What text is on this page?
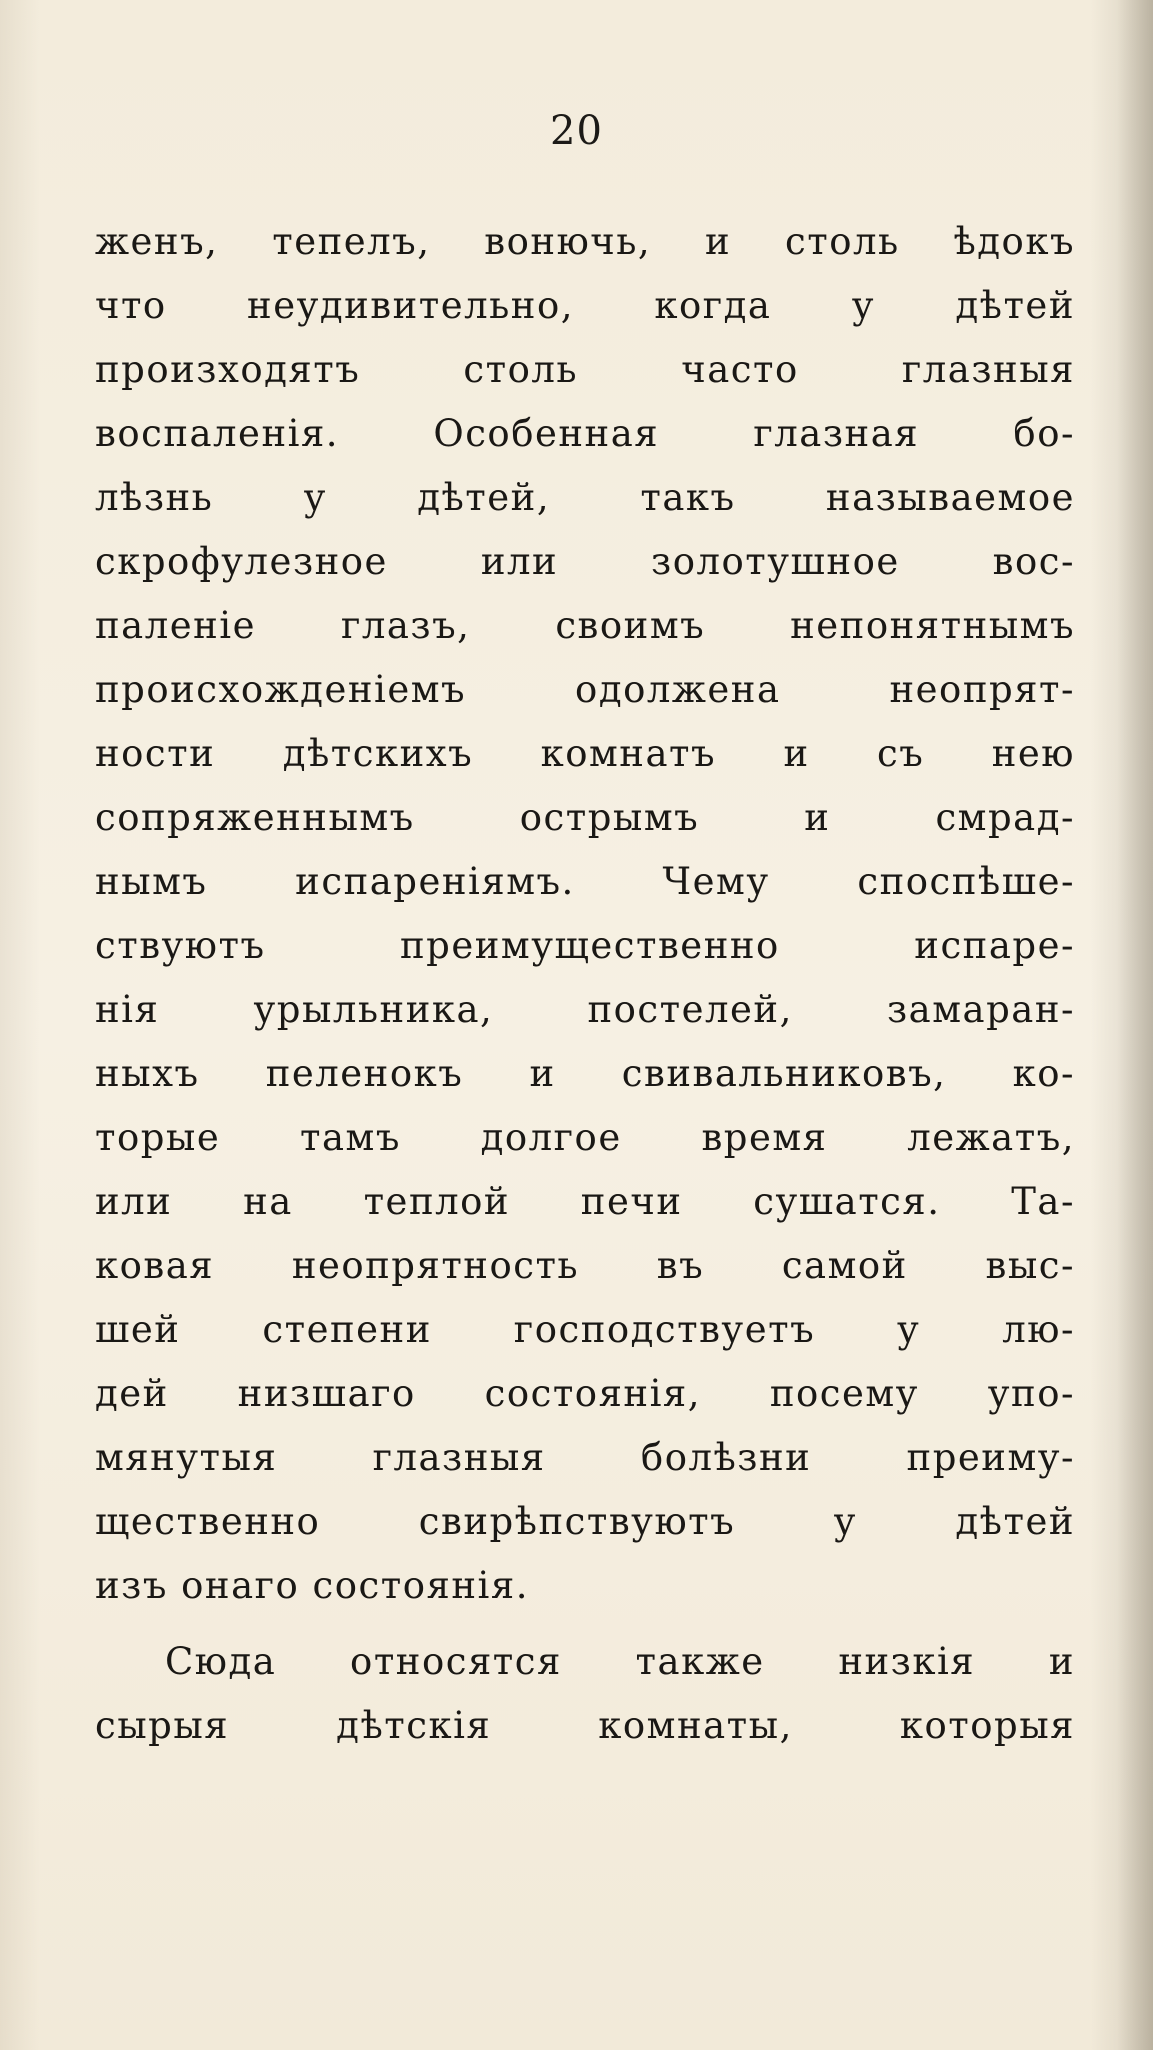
20
женъ, тепелъ, вонючь, и столь ѣдокъ
что неудивительно, когда у дѣтей
произходятъ столь часто глазныя
воспаленія. Особенная глазная бо-
лѣзнь у дѣтей, такъ называемое
скрофулезное или золотушное вос-
паленіе глазъ, своимъ непонятнымъ
происхожденіемъ одолжена неопрят-
ности дѣтскихъ комнатъ и съ нею
сопряженнымъ острымъ и смрад-
нымъ испареніямъ. Чему споспѣше-
ствуютъ преимущественно испаре-
нія урыльника, постелей, замаран-
ныхъ пеленокъ и свивальниковъ, ко-
торые тамъ долгое время лежатъ,
или на теплой печи сушатся. Та-
ковая неопрятность въ самой выс-
шей степени господствуетъ у лю-
дей низшаго состоянія, посему упо-
мянутыя глазныя болѣзни преиму-
щественно свирѣпствуютъ у дѣтей
изъ онаго состоянія.
Сюда относятся также низкія и
сырыя дѣтскія комнаты, которыя
